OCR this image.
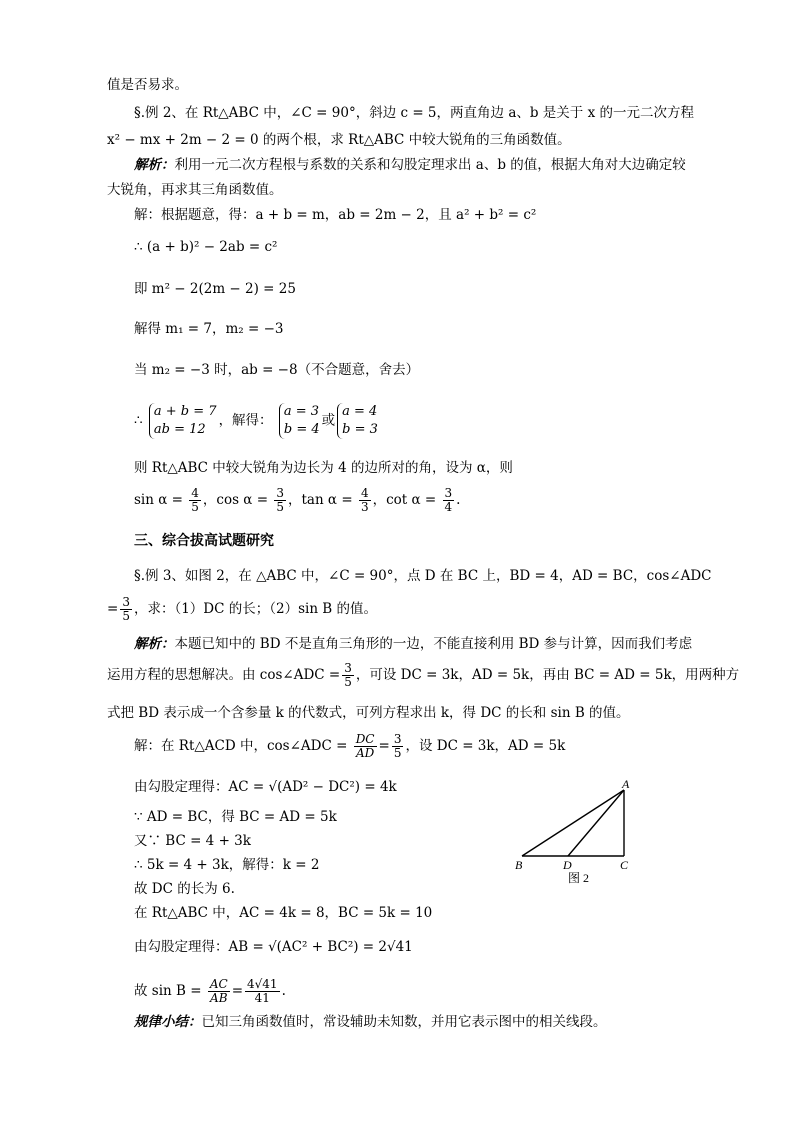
值是否易求。
§.例 2、在 Rt△ABC 中，∠C = 90°，斜边 c = 5，两直角边 a、b 是关于 x 的一元二次方程
x² − mx + 2m − 2 = 0 的两个根，求 Rt△ABC 中较大锐角的三角函数值。
解析：利用一元二次方程根与系数的关系和勾股定理求出 a、b 的值，根据大角对大边确定较
大锐角，再求其三角函数值。
解：根据题意，得：a + b = m，ab = 2m − 2，且 a² + b² = c²
∴ (a + b)² − 2ab = c²
即 m² − 2(2m − 2) = 25
解得 m₁ = 7，m₂ = −3
当 m₂ = −3 时，ab = −8（不合题意，舍去）
∴
a + b = 7
ab = 12
，解得：
a = 3
b = 4
或
a = 4
b = 3
则 Rt△ABC 中较大锐角为边长为 4 的边所对的角，设为 α，则
$\sin \alpha = \frac{4}{5}$ ，$\cos \alpha = \frac{3}{5}$ ，$\tan \alpha = \frac{4}{3}$ ，$\cot \alpha = \frac{3}{4}$ .
三、综合拔高试题研究
§.例 3、如图 2，在 △ABC 中，∠C = 90°，点 D 在 BC 上，BD = 4，AD = BC，cos∠ADC
= $\frac{3}{5}$ ，求：（1）DC 的长；（2）sin B 的值。
解析：本题已知中的 BD 不是直角三角形的一边，不能直接利用 BD 参与计算，因而我们考虑
运用方程的思想解决。由 cos∠ADC = $\frac{3}{5}$ ，可设 DC = 3k，AD = 5k，再由 BC = AD = 5k，用两种方
式把 BD 表示成一个含参量 k 的代数式，可列方程求出 k，得 DC 的长和 sin B 的值。
解：在 Rt△ACD 中，cos∠ADC = $\frac{DC}{AD} = \frac{3}{5}$ ，设 DC = 3k，AD = 5k
由勾股定理得：AC = √(AD² − DC²) = 4k
∵ AD = BC，得 BC = AD = 5k
又∵ BC = 4 + 3k
∴ 5k = 4 + 3k，解得：k = 2
故 DC 的长为 6.
在 Rt△ABC 中，AC = 4k = 8，BC = 5k = 10
由勾股定理得：AB = √(AC² + BC²) = 2√41
故 $\sin B = \frac{AC}{AB} = \frac{4√41}{41}$ .
规律小结：已知三角函数值时，常设辅助未知数，并用它表示图中的相关线段。
A
B	D	C
图 2
